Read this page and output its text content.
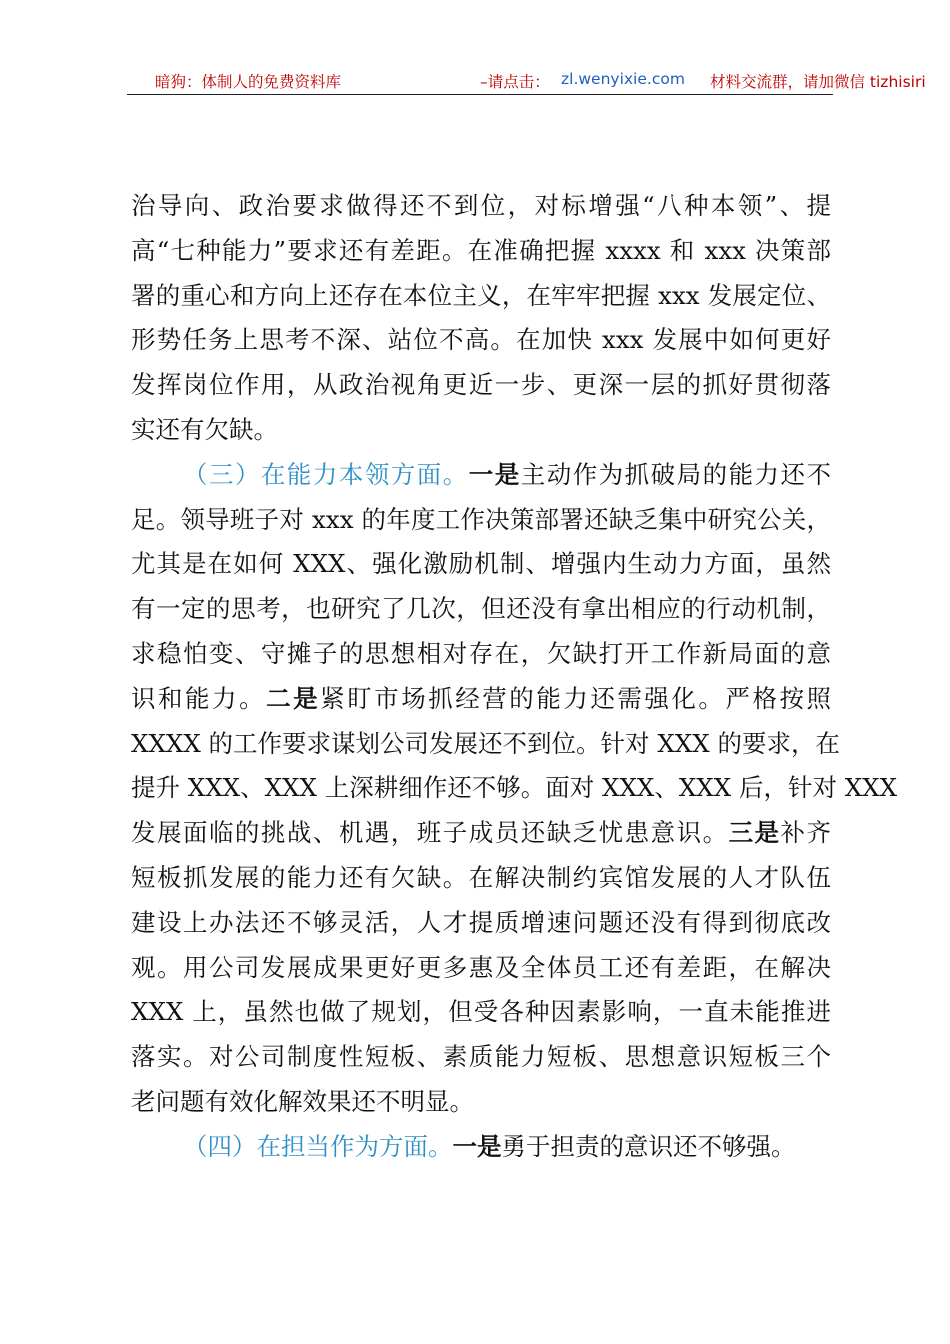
暗狗：体制人的免费资料库	–请点击： zl.wenyixie.com 材料交流群，请加微信 tizhisiri
治导向、政治要求做得还不到位，对标增强“八种本领”、提
高“七种能力”要求还有差距。在准确把握 xxxx 和 xxx 决策部
署的重心和方向上还存在本位主义，在牢牢把握 xxx 发展定位、
形势任务上思考不深、站位不高。在加快 xxx 发展中如何更好
发挥岗位作用，从政治视角更近一步、更深一层的抓好贯彻落
实还有欠缺。
（三）在能力本领方面。一是主动作为抓破局的能力还不
足。领导班子对 xxx 的年度工作决策部署还缺乏集中研究公关，
尤其是在如何 XXX、强化激励机制、增强内生动力方面，虽然
有一定的思考，也研究了几次，但还没有拿出相应的行动机制，
求稳怕变、守摊子的思想相对存在，欠缺打开工作新局面的意
识和能力。二是紧盯市场抓经营的能力还需强化。严格按照
XXXX 的工作要求谋划公司发展还不到位。针对 XXX 的要求，在
提升 XXX、XXX 上深耕细作还不够。面对 XXX、XXX 后，针对 XXX
发展面临的挑战、机遇，班子成员还缺乏忧患意识。三是补齐
短板抓发展的能力还有欠缺。在解决制约宾馆发展的人才队伍
建设上办法还不够灵活，人才提质增速问题还没有得到彻底改
观。用公司发展成果更好更多惠及全体员工还有差距，在解决
XXX 上，虽然也做了规划，但受各种因素影响，一直未能推进
落实。对公司制度性短板、素质能力短板、思想意识短板三个
老问题有效化解效果还不明显。
（四）在担当作为方面。一是勇于担责的意识还不够强。
